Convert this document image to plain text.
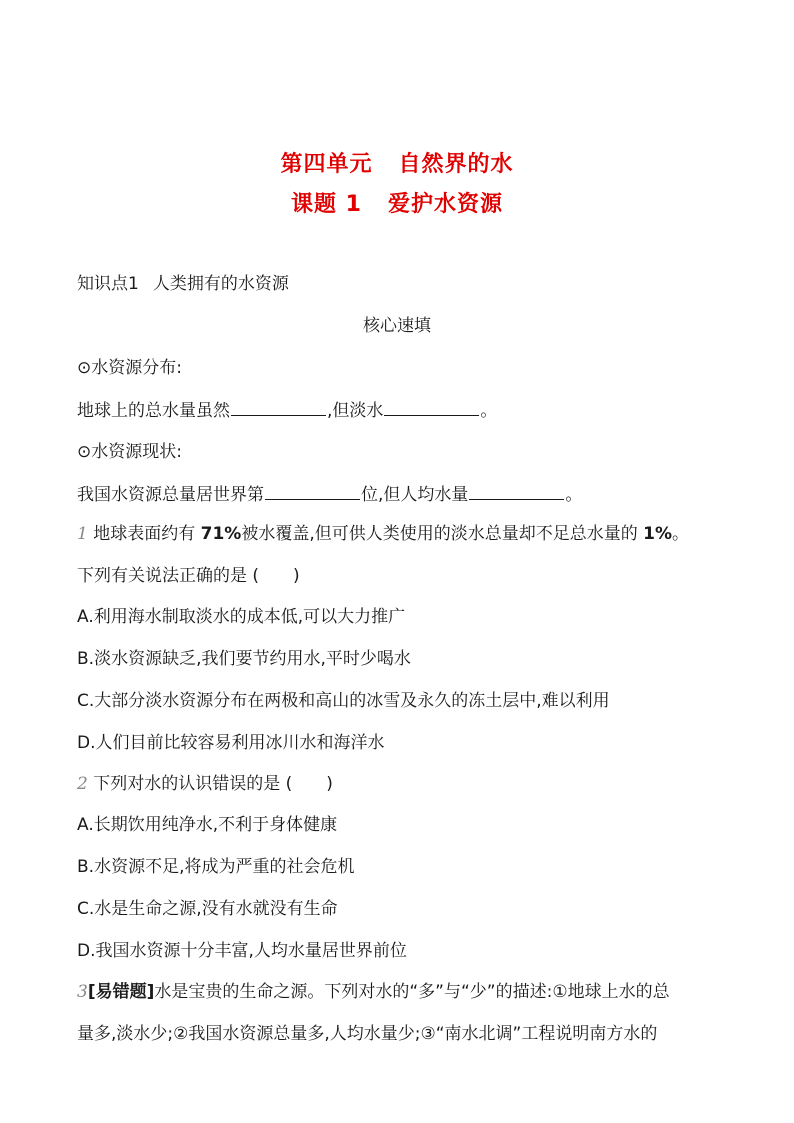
第四单元 自然界的水
课题 1 爱护水资源
知识点1 人类拥有的水资源
核心速填
⊙水资源分布:
地球上的总水量虽然	,但淡水	。
⊙水资源现状:
我国水资源总量居世界第	位,但人均水量	。
1 地球表面约有 71%被水覆盖,但可供人类使用的淡水总量却不足总水量的 1%。
下列有关说法正确的是 (　　)
A.利用海水制取淡水的成本低,可以大力推广
B.淡水资源缺乏,我们要节约用水,平时少喝水
C.大部分淡水资源分布在两极和高山的冰雪及永久的冻土层中,难以利用
D.人们目前比较容易利用冰川水和海洋水
2 下列对水的认识错误的是 (　　)
A.长期饮用纯净水,不利于身体健康
B.水资源不足,将成为严重的社会危机
C.水是生命之源,没有水就没有生命
D.我国水资源十分丰富,人均水量居世界前位
3[易错题]水是宝贵的生命之源。下列对水的“多”与“少”的描述:①地球上水的总
量多,淡水少;②我国水资源总量多,人均水量少;③“南水北调”工程说明南方水的
